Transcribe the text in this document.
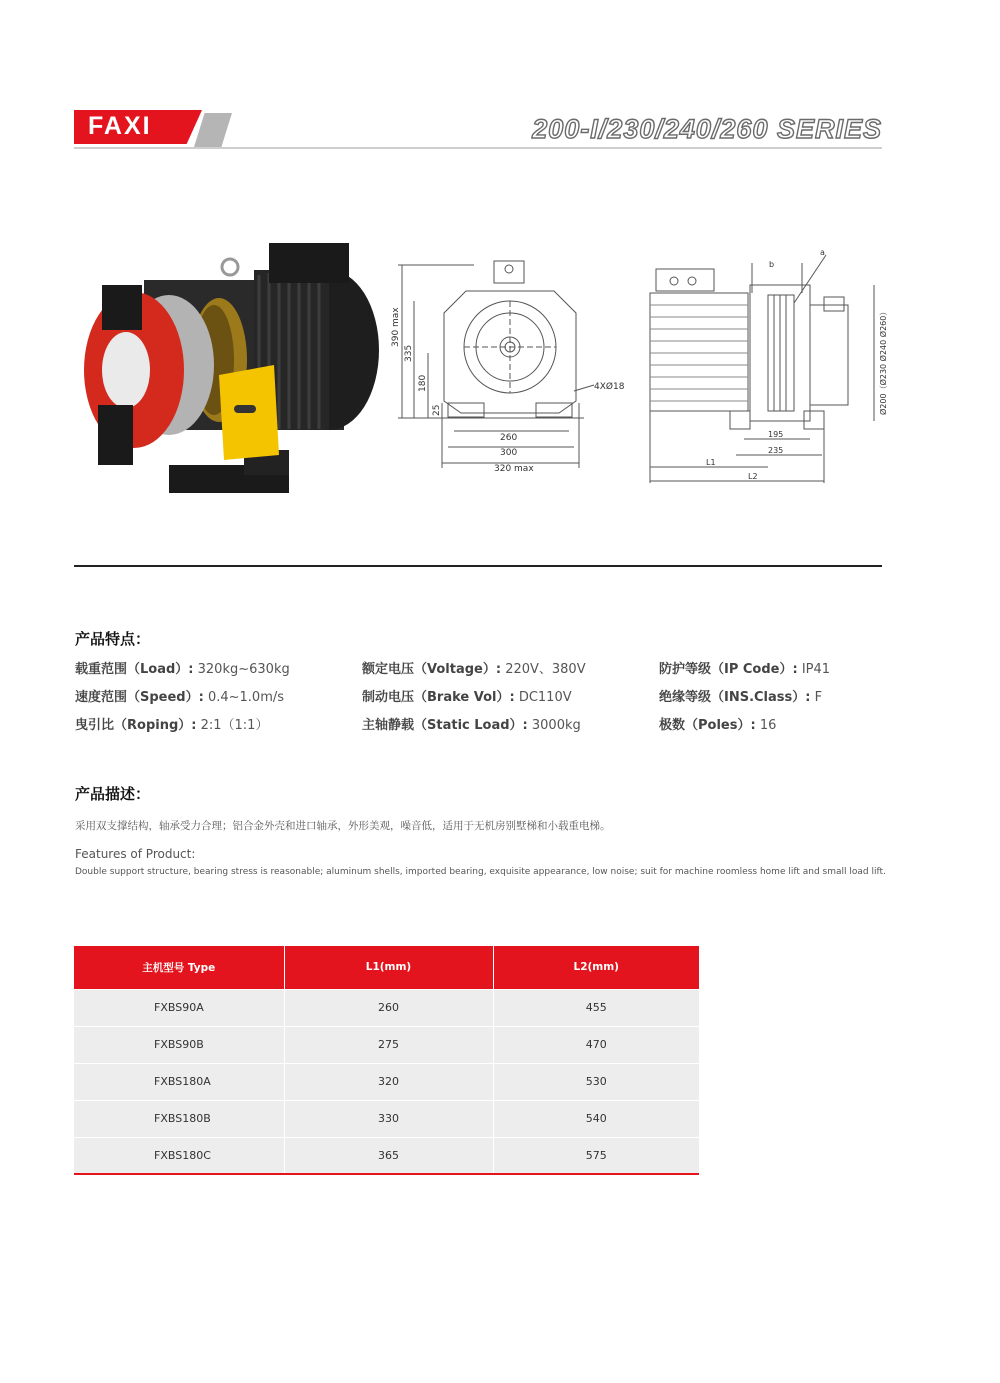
FAXI	200-I/230/240/260 SERIES
390 max
335
180
25
4XØ18
260
300
320 max
a
b
195
235
L1
L2
Ø200（Ø230 Ø240 Ø260）
产品特点：
载重范围（Load）: 320kg~630kg	额定电压（Voltage）: 220V、380V	防护等级（IP Code）: IP41
速度范围（Speed）: 0.4~1.0m/s	制动电压（Brake Vol）: DC110V	绝缘等级（INS.Class）: F
曳引比（Roping）: 2:1（1:1）	主轴静载（Static Load）: 3000kg	极数（Poles）: 16
产品描述：
采用双支撑结构，轴承受力合理；铝合金外壳和进口轴承，外形美观，噪音低，适用于无机房别墅梯和小载重电梯。
Features of Product:
Double support structure, bearing stress is reasonable; aluminum shells, imported bearing, exquisite appearance, low noise; suit for machine roomless home lift and small load lift.
主机型号 Type	L1(mm)	L2(mm)
FXBS90A	260	455
FXBS90B	275	470
FXBS180A	320	530
FXBS180B	330	540
FXBS180C	365	575
